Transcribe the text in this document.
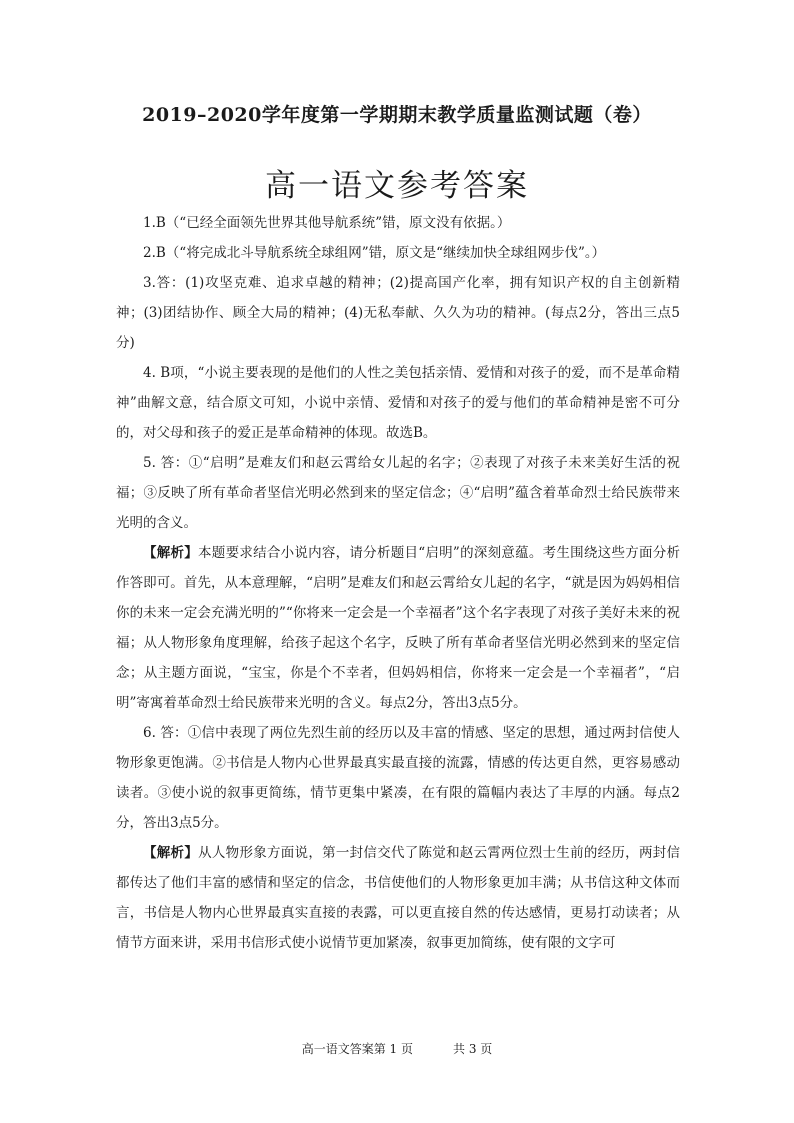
2019–2020学年度第一学期期末教学质量监测试题（卷）
高一语文参考答案

1.B（“已经全面领先世界其他导航系统”错，原文没有依据。）

2.B（“将完成北斗导航系统全球组网”错，原文是“继续加快全球组网步伐”。）

3.答：(1)攻坚克难、追求卓越的精神；(2)提高国产化率，拥有知识产权的自主创新精神；(3)团结协作、顾全大局的精神；(4)无私奉献、久久为功的精神。(每点2分，答出三点5分)

4. B项，“小说主要表现的是他们的人性之美包括亲情、爱情和对孩子的爱，而不是革命精神”曲解文意，结合原文可知，小说中亲情、爱情和对孩子的爱与他们的革命精神是密不可分的，对父母和孩子的爱正是革命精神的体现。故选B。

5. 答：①“启明”是难友们和赵云霄给女儿起的名字；②表现了对孩子未来美好生活的祝福；③反映了所有革命者坚信光明必然到来的坚定信念；④“启明”蕴含着革命烈士给民族带来光明的含义。

【解析】本题要求结合小说内容，请分析题目“启明”的深刻意蕴。考生围绕这些方面分析作答即可。首先，从本意理解，“启明”是难友们和赵云霄给女儿起的名字，“就是因为妈妈相信你的未来一定会充满光明的”“你将来一定会是一个幸福者”这个名字表现了对孩子美好未来的祝福；从人物形象角度理解，给孩子起这个名字，反映了所有革命者坚信光明必然到来的坚定信念；从主题方面说，“宝宝，你是个不幸者，但妈妈相信，你将来一定会是一个幸福者”，“启明”寄寓着革命烈士给民族带来光明的含义。每点2分，答出3点5分。

6. 答：①信中表现了两位先烈生前的经历以及丰富的情感、坚定的思想，通过两封信使人物形象更饱满。②书信是人物内心世界最真实最直接的流露，情感的传达更自然，更容易感动读者。③使小说的叙事更简练，情节更集中紧凑，在有限的篇幅内表达了丰厚的内涵。每点2分，答出3点5分。

【解析】从人物形象方面说，第一封信交代了陈觉和赵云霄两位烈士生前的经历，两封信都传达了他们丰富的感情和坚定的信念，书信使他们的人物形象更加丰满；从书信这种文体而言，书信是人物内心世界最真实直接的表露，可以更直接自然的传达感情，更易打动读者；从情节方面来讲，采用书信形式使小说情节更加紧凑，叙事更加简练，使有限的文字可

高一语文答案第 1 页	共 3 页
